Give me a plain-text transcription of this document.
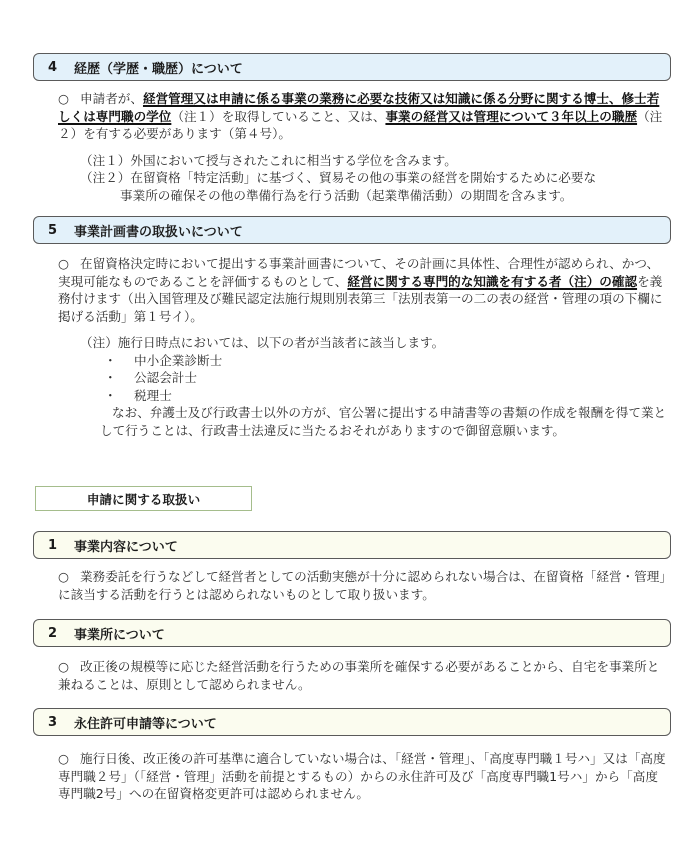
4	経歴（学歴・職歴）について
○ 申請者が、経営管理又は申請に係る事業の業務に必要な技術又は知識に係る分野に関する博士、修士若しくは専門職の学位（注１）を取得していること、又は、事業の経営又は管理について３年以上の職歴（注２）を有する必要があります（第４号）。
（注１）外国において授与されたこれに相当する学位を含みます。
（注２）在留資格「特定活動」に基づく、貿易その他の事業の経営を開始するために必要な
事業所の確保その他の準備行為を行う活動（起業準備活動）の期間を含みます。
5	事業計画書の取扱いについて
○ 在留資格決定時において提出する事業計画書について、その計画に具体性、合理性が認められ、かつ、実現可能なものであることを評価するものとして、経営に関する専門的な知識を有する者（注）の確認を義務付けます（出入国管理及び難民認定法施行規則別表第三「法別表第一の二の表の経営・管理の項の下欄に掲げる活動」第１号イ）。
（注）施行日時点においては、以下の者が当該者に該当します。
・ 中小企業診断士
・ 公認会計士
・ 税理士
なお、弁護士及び行政書士以外の方が、官公署に提出する申請書等の書類の作成を報酬を得て業として行うことは、行政書士法違反に当たるおそれがありますので御留意願います。
申請に関する取扱い
1	事業内容について
○ 業務委託を行うなどして経営者としての活動実態が十分に認められない場合は、在留資格「経営・管理」に該当する活動を行うとは認められないものとして取り扱います。
2	事業所について
○ 改正後の規模等に応じた経営活動を行うための事業所を確保する必要があることから、自宅を事業所と兼ねることは、原則として認められません。
3	永住許可申請等について
○ 施行日後、改正後の許可基準に適合していない場合は、「経営・管理」、「高度専門職１号ハ」又は「高度専門職２号」（「経営・管理」活動を前提とするもの）からの永住許可及び「高度専門職1号ハ」から「高度専門職2号」への在留資格変更許可は認められません。
